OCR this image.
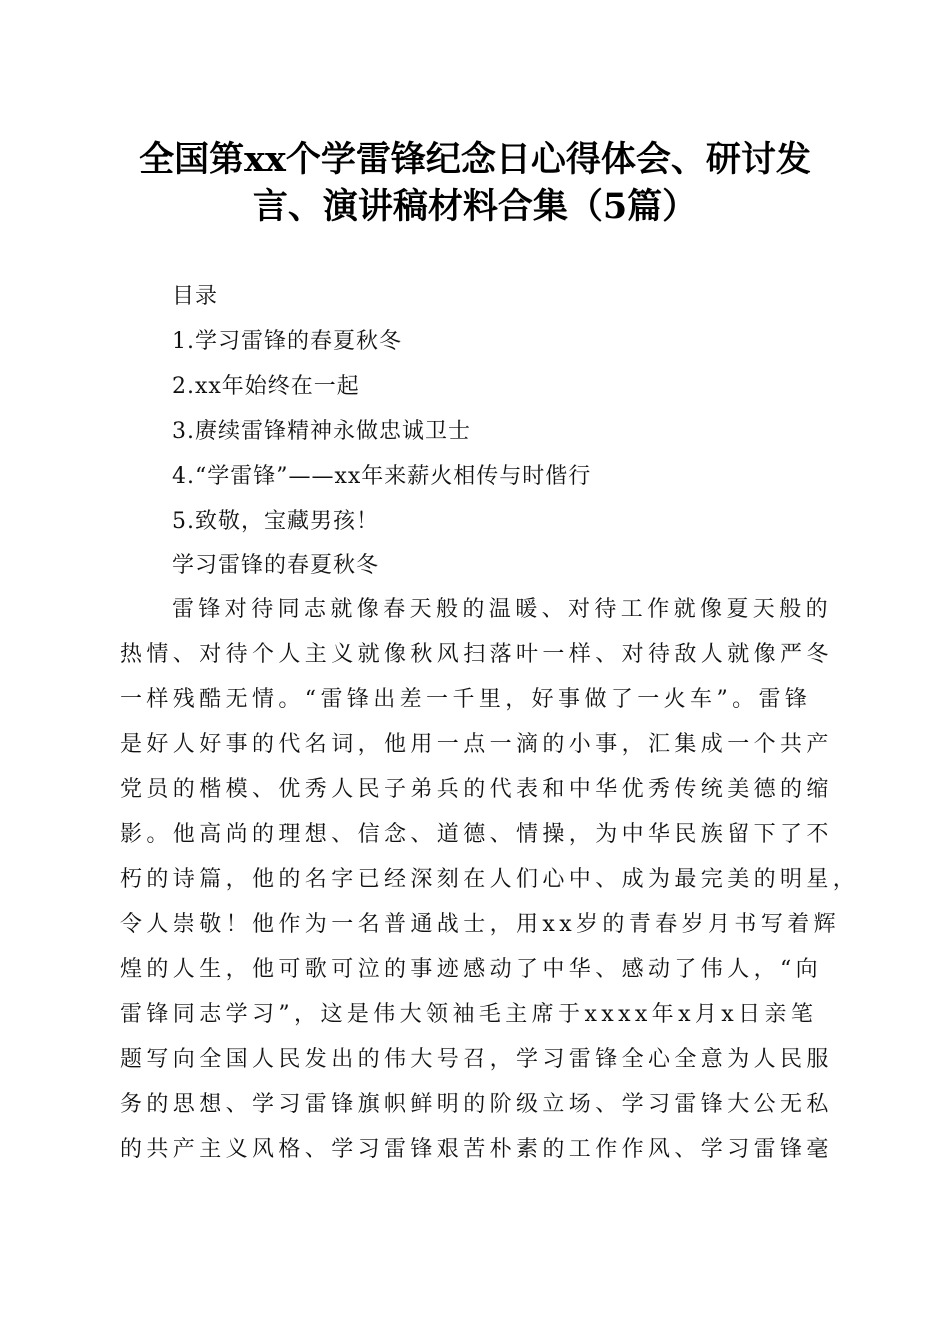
全国第xx个学雷锋纪念日心得体会、研讨发
言、演讲稿材料合集（5篇）
目录
1.学习雷锋的春夏秋冬
2.xx年始终在一起
3.赓续雷锋精神永做忠诚卫士
4.“学雷锋”——xx年来薪火相传与时偕行
5.致敬，宝藏男孩！
学习雷锋的春夏秋冬
雷锋对待同志就像春天般的温暖、对待工作就像夏天般的
热情、对待个人主义就像秋风扫落叶一样、对待敌人就像严冬
一样残酷无情。“雷锋出差一千里，好事做了一火车”。雷锋
是好人好事的代名词，他用一点一滴的小事，汇集成一个共产
党员的楷模、优秀人民子弟兵的代表和中华优秀传统美德的缩
影。他高尚的理想、信念、道德、情操，为中华民族留下了不
朽的诗篇，他的名字已经深刻在人们心中、成为最完美的明星，
令人崇敬！他作为一名普通战士，用xx岁的青春岁月书写着辉
煌的人生，他可歌可泣的事迹感动了中华、感动了伟人，“向
雷锋同志学习”，这是伟大领袖毛主席于xxxx年x月x日亲笔
题写向全国人民发出的伟大号召，学习雷锋全心全意为人民服
务的思想、学习雷锋旗帜鲜明的阶级立场、学习雷锋大公无私
的共产主义风格、学习雷锋艰苦朴素的工作作风、学习雷锋毫
